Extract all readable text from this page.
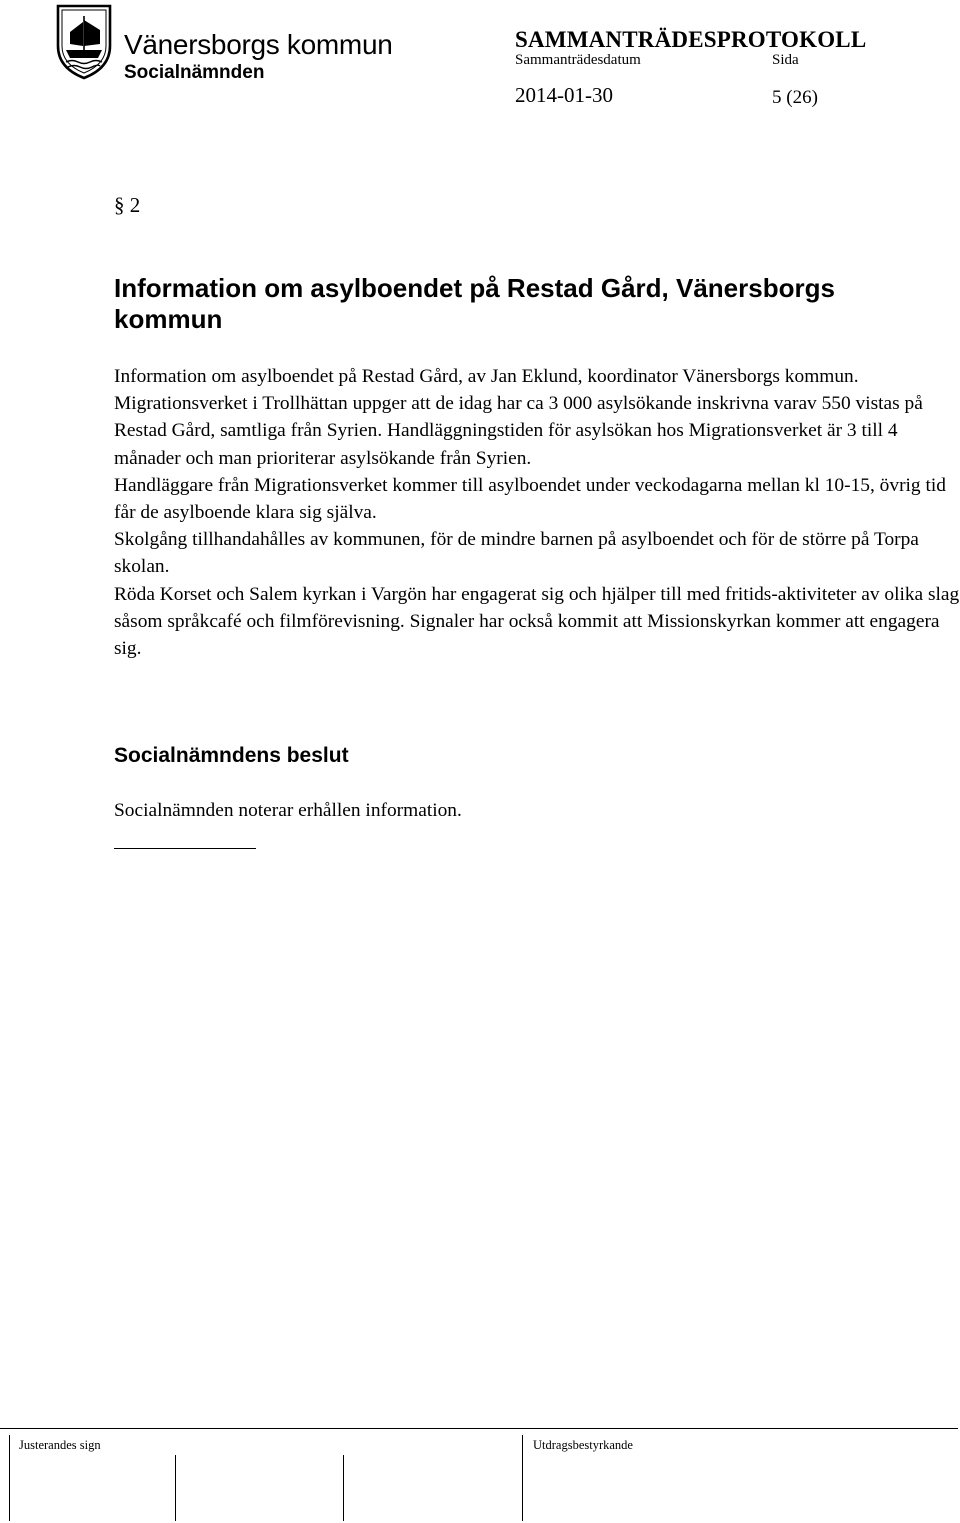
Vänersborgs kommun
Socialnämnden
SAMMANTRÄDESPROTOKOLL
Sammanträdesdatum	Sida
2014-01-30	5 (26)
§ 2
Information om asylboendet på Restad Gård, Vänersborgs kommun

Information om asylboendet på Restad Gård, av Jan Eklund, koordinator Vänersborgs kommun.

Migrationsverket i Trollhättan uppger att de idag har ca 3 000 asylsökande inskrivna varav 550 vistas på Restad Gård, samtliga från Syrien. Handläggningstiden för asylsökan hos Migrationsverket är 3 till 4 månader och man prioriterar asylsökande från Syrien.

Handläggare från Migrationsverket kommer till asylboendet under veckodagarna mellan kl 10-15, övrig tid får de asylboende klara sig själva.

Skolgång tillhandahålles av kommunen, för de mindre barnen på asylboendet och för de större på Torpa skolan.

Röda Korset och Salem kyrkan i Vargön har engagerat sig och hjälper till med fritids-aktiviteter av olika slag såsom språkcafé och filmförevisning. Signaler har också kommit att Missionskyrkan kommer att engagera sig.

Socialnämndens beslut
Socialnämnden noterar erhållen information.
Justerandes sign	Utdragsbestyrkande
